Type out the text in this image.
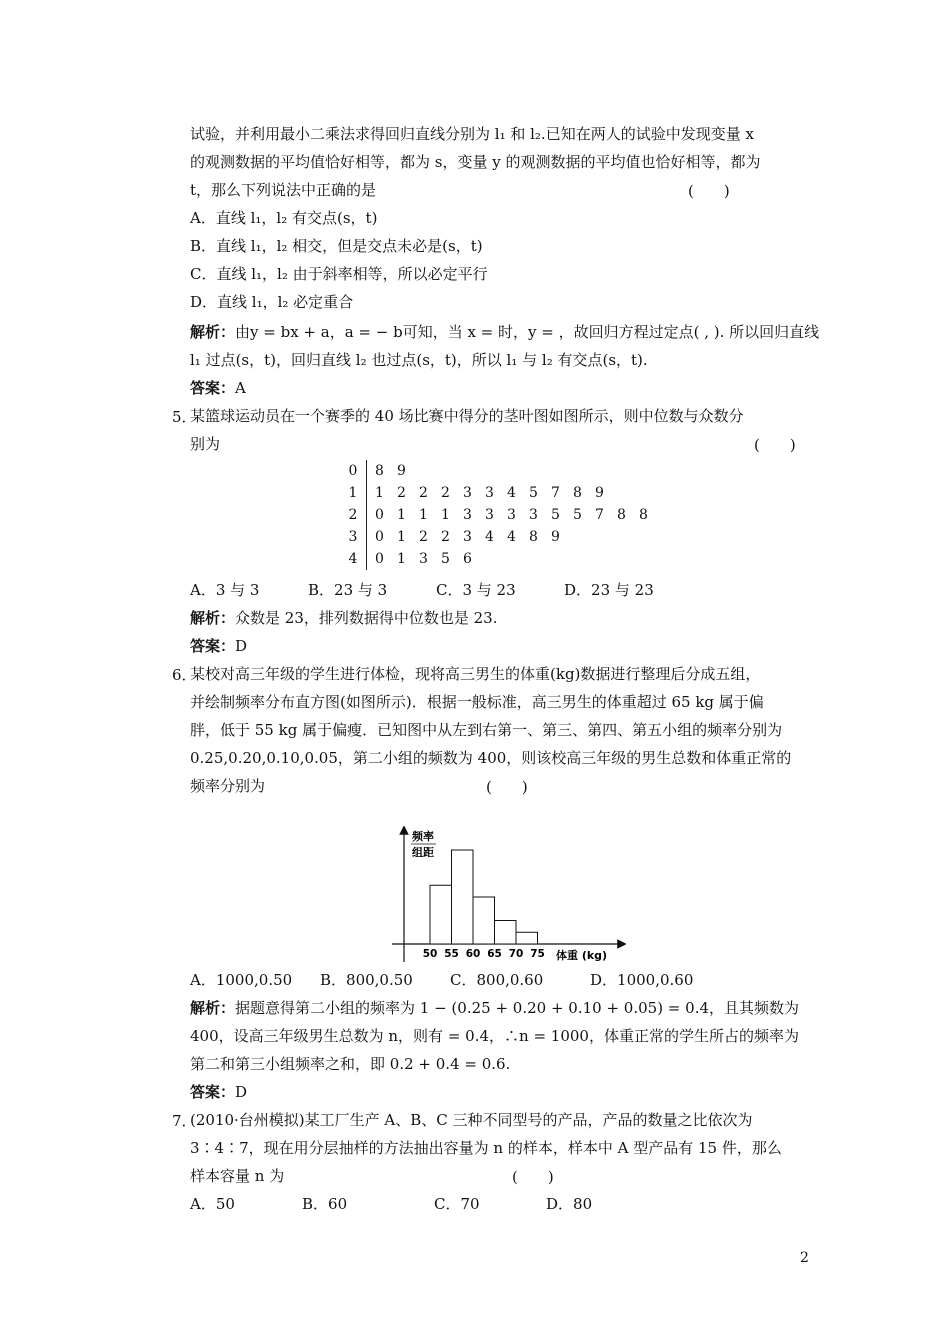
试验，并利用最小二乘法求得回归直线分别为 l₁ 和 l₂.已知在两人的试验中发现变量 x
的观测数据的平均值恰好相等，都为 s，变量 y 的观测数据的平均值也恰好相等，都为
t，那么下列说法中正确的是	(　　)
A．直线 l₁，l₂ 有交点(s，t)
B．直线 l₁，l₂ 相交，但是交点未必是(s，t)
C．直线 l₁，l₂ 由于斜率相等，所以必定平行
D．直线 l₁，l₂ 必定重合
解析：由y = bx + a，a = − b可知，当 x = 时，y = ，故回归方程过定点( , ). 所以回归直线
l₁ 过点(s，t)，回归直线 l₂ 也过点(s，t)，所以 l₁ 与 l₂ 有交点(s，t).
答案：A
5．
某篮球运动员在一个赛季的 40 场比赛中得分的茎叶图如图所示，则中位数与众数分
别为	(　　)
0	8 9
1	1 2 2 2 3 3 4 5 7 8 9
2	0 1 1 1 3 3 3 3 5 5 7 8 8
3	0 1 2 2 3 4 4 8 9
4	0 1 3 5 6
A．3 与 3	B．23 与 3	C．3 与 23	D．23 与 23
解析：众数是 23，排列数据得中位数也是 23.
答案：D
6．
某校对高三年级的学生进行体检，现将高三男生的体重(kg)数据进行整理后分成五组，
并绘制频率分布直方图(如图所示)．根据一般标准，高三男生的体重超过 65 kg 属于偏
胖，低于 55 kg 属于偏瘦．已知图中从左到右第一、第三、第四、第五小组的频率分别为
0.25,0.20,0.10,0.05，第二小组的频数为 400，则该校高三年级的男生总数和体重正常的
频率分别为	(　　)
频率
组距
50 55 60 65 70 75 体重 (kg)
A．1000,0.50 B．800,0.50 C．800,0.60	D．1000,0.60
解析：据题意得第二小组的频率为 1 − (0.25 + 0.20 + 0.10 + 0.05) = 0.4，且其频数为
400，设高三年级男生总数为 n，则有 = 0.4，∴n = 1000，体重正常的学生所占的频率为
第二和第三小组频率之和，即 0.2 + 0.4 = 0.6.
答案：D
7．
(2010·台州模拟)某工厂生产 A、B、C 三种不同型号的产品，产品的数量之比依次为
3∶4∶7，现在用分层抽样的方法抽出容量为 n 的样本，样本中 A 型产品有 15 件，那么
样本容量 n 为	(　　)
A．50	B．60	C．70	D．80
2
